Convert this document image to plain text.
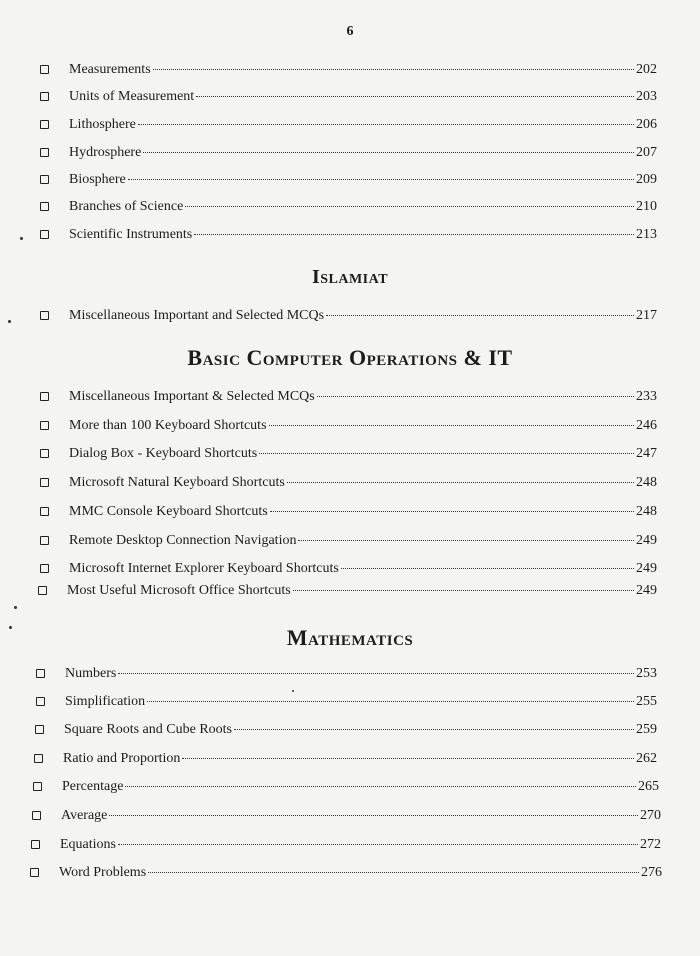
6
Measurements	202
Units of Measurement	203
Lithosphere	206
Hydrosphere	207
Biosphere	209
Branches of Science	210
Scientific Instruments	213
Islamiat
Miscellaneous Important and Selected MCQs	217
Basic Computer Operations & IT
Miscellaneous Important & Selected MCQs	233
More than 100 Keyboard Shortcuts	246
Dialog Box - Keyboard Shortcuts	247
Microsoft Natural Keyboard Shortcuts	248
MMC Console Keyboard Shortcuts	248
Remote Desktop Connection Navigation	249
Microsoft Internet Explorer Keyboard Shortcuts	249
Most Useful Microsoft Office Shortcuts	249
Mathematics
Numbers	253
Simplification	255
Square Roots and Cube Roots	259
Ratio and Proportion	262
Percentage	265
Average	270
Equations	272
Word Problems	276
